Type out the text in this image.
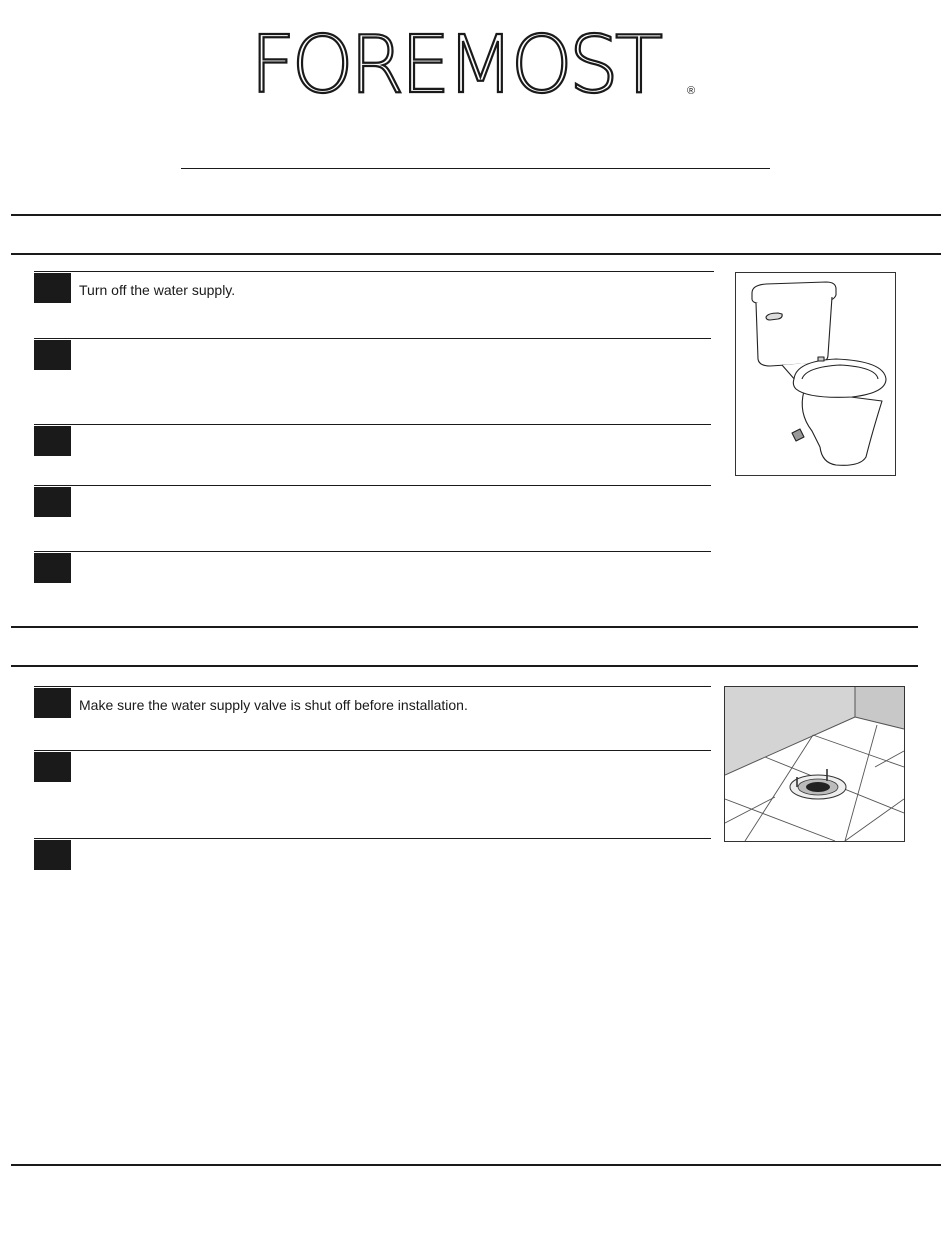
FOREMOST	®
Turn off the water supply.
Make sure the water supply valve is shut off before installation.
